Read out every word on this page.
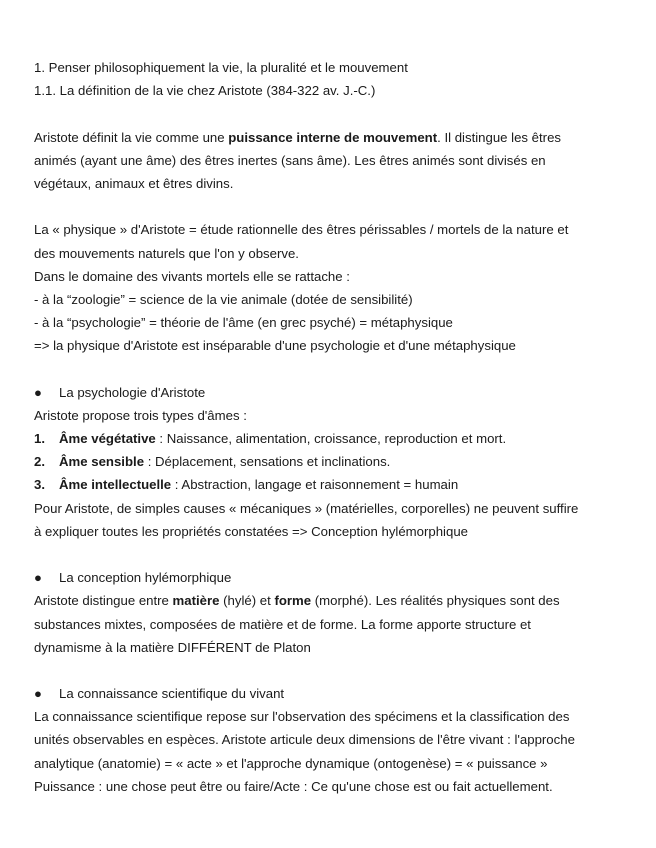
1. Penser philosophiquement la vie, la pluralité et le mouvement
1.1. La définition de la vie chez Aristote (384-322 av. J.-C.)
Aristote définit la vie comme une puissance interne de mouvement. Il distingue les êtres
animés (ayant une âme) des êtres inertes (sans âme). Les êtres animés sont divisés en
végétaux, animaux et êtres divins.
La « physique » d'Aristote = étude rationnelle des êtres périssables / mortels de la nature et
des mouvements naturels que l'on y observe.
Dans le domaine des vivants mortels elle se rattache :
- à la “zoologie” = science de la vie animale (dotée de sensibilité)
- à la “psychologie” = théorie de l'âme (en grec psyché) = métaphysique
=> la physique d'Aristote est inséparable d'une psychologie et d'une métaphysique
● La psychologie d'Aristote
Aristote propose trois types d'âmes :
1. Âme végétative : Naissance, alimentation, croissance, reproduction et mort.
2. Âme sensible : Déplacement, sensations et inclinations.
3. Âme intellectuelle : Abstraction, langage et raisonnement = humain
Pour Aristote, de simples causes « mécaniques » (matérielles, corporelles) ne peuvent suffire
à expliquer toutes les propriétés constatées => Conception hylémorphique
● La conception hylémorphique
Aristote distingue entre matière (hylé) et forme (morphé). Les réalités physiques sont des
substances mixtes, composées de matière et de forme. La forme apporte structure et
dynamisme à la matière DIFFÉRENT de Platon
● La connaissance scientifique du vivant
La connaissance scientifique repose sur l'observation des spécimens et la classification des
unités observables en espèces. Aristote articule deux dimensions de l'être vivant : l'approche
analytique (anatomie) = « acte » et l'approche dynamique (ontogenèse) = « puissance »
Puissance : une chose peut être ou faire/Acte : Ce qu'une chose est ou fait actuellement.
